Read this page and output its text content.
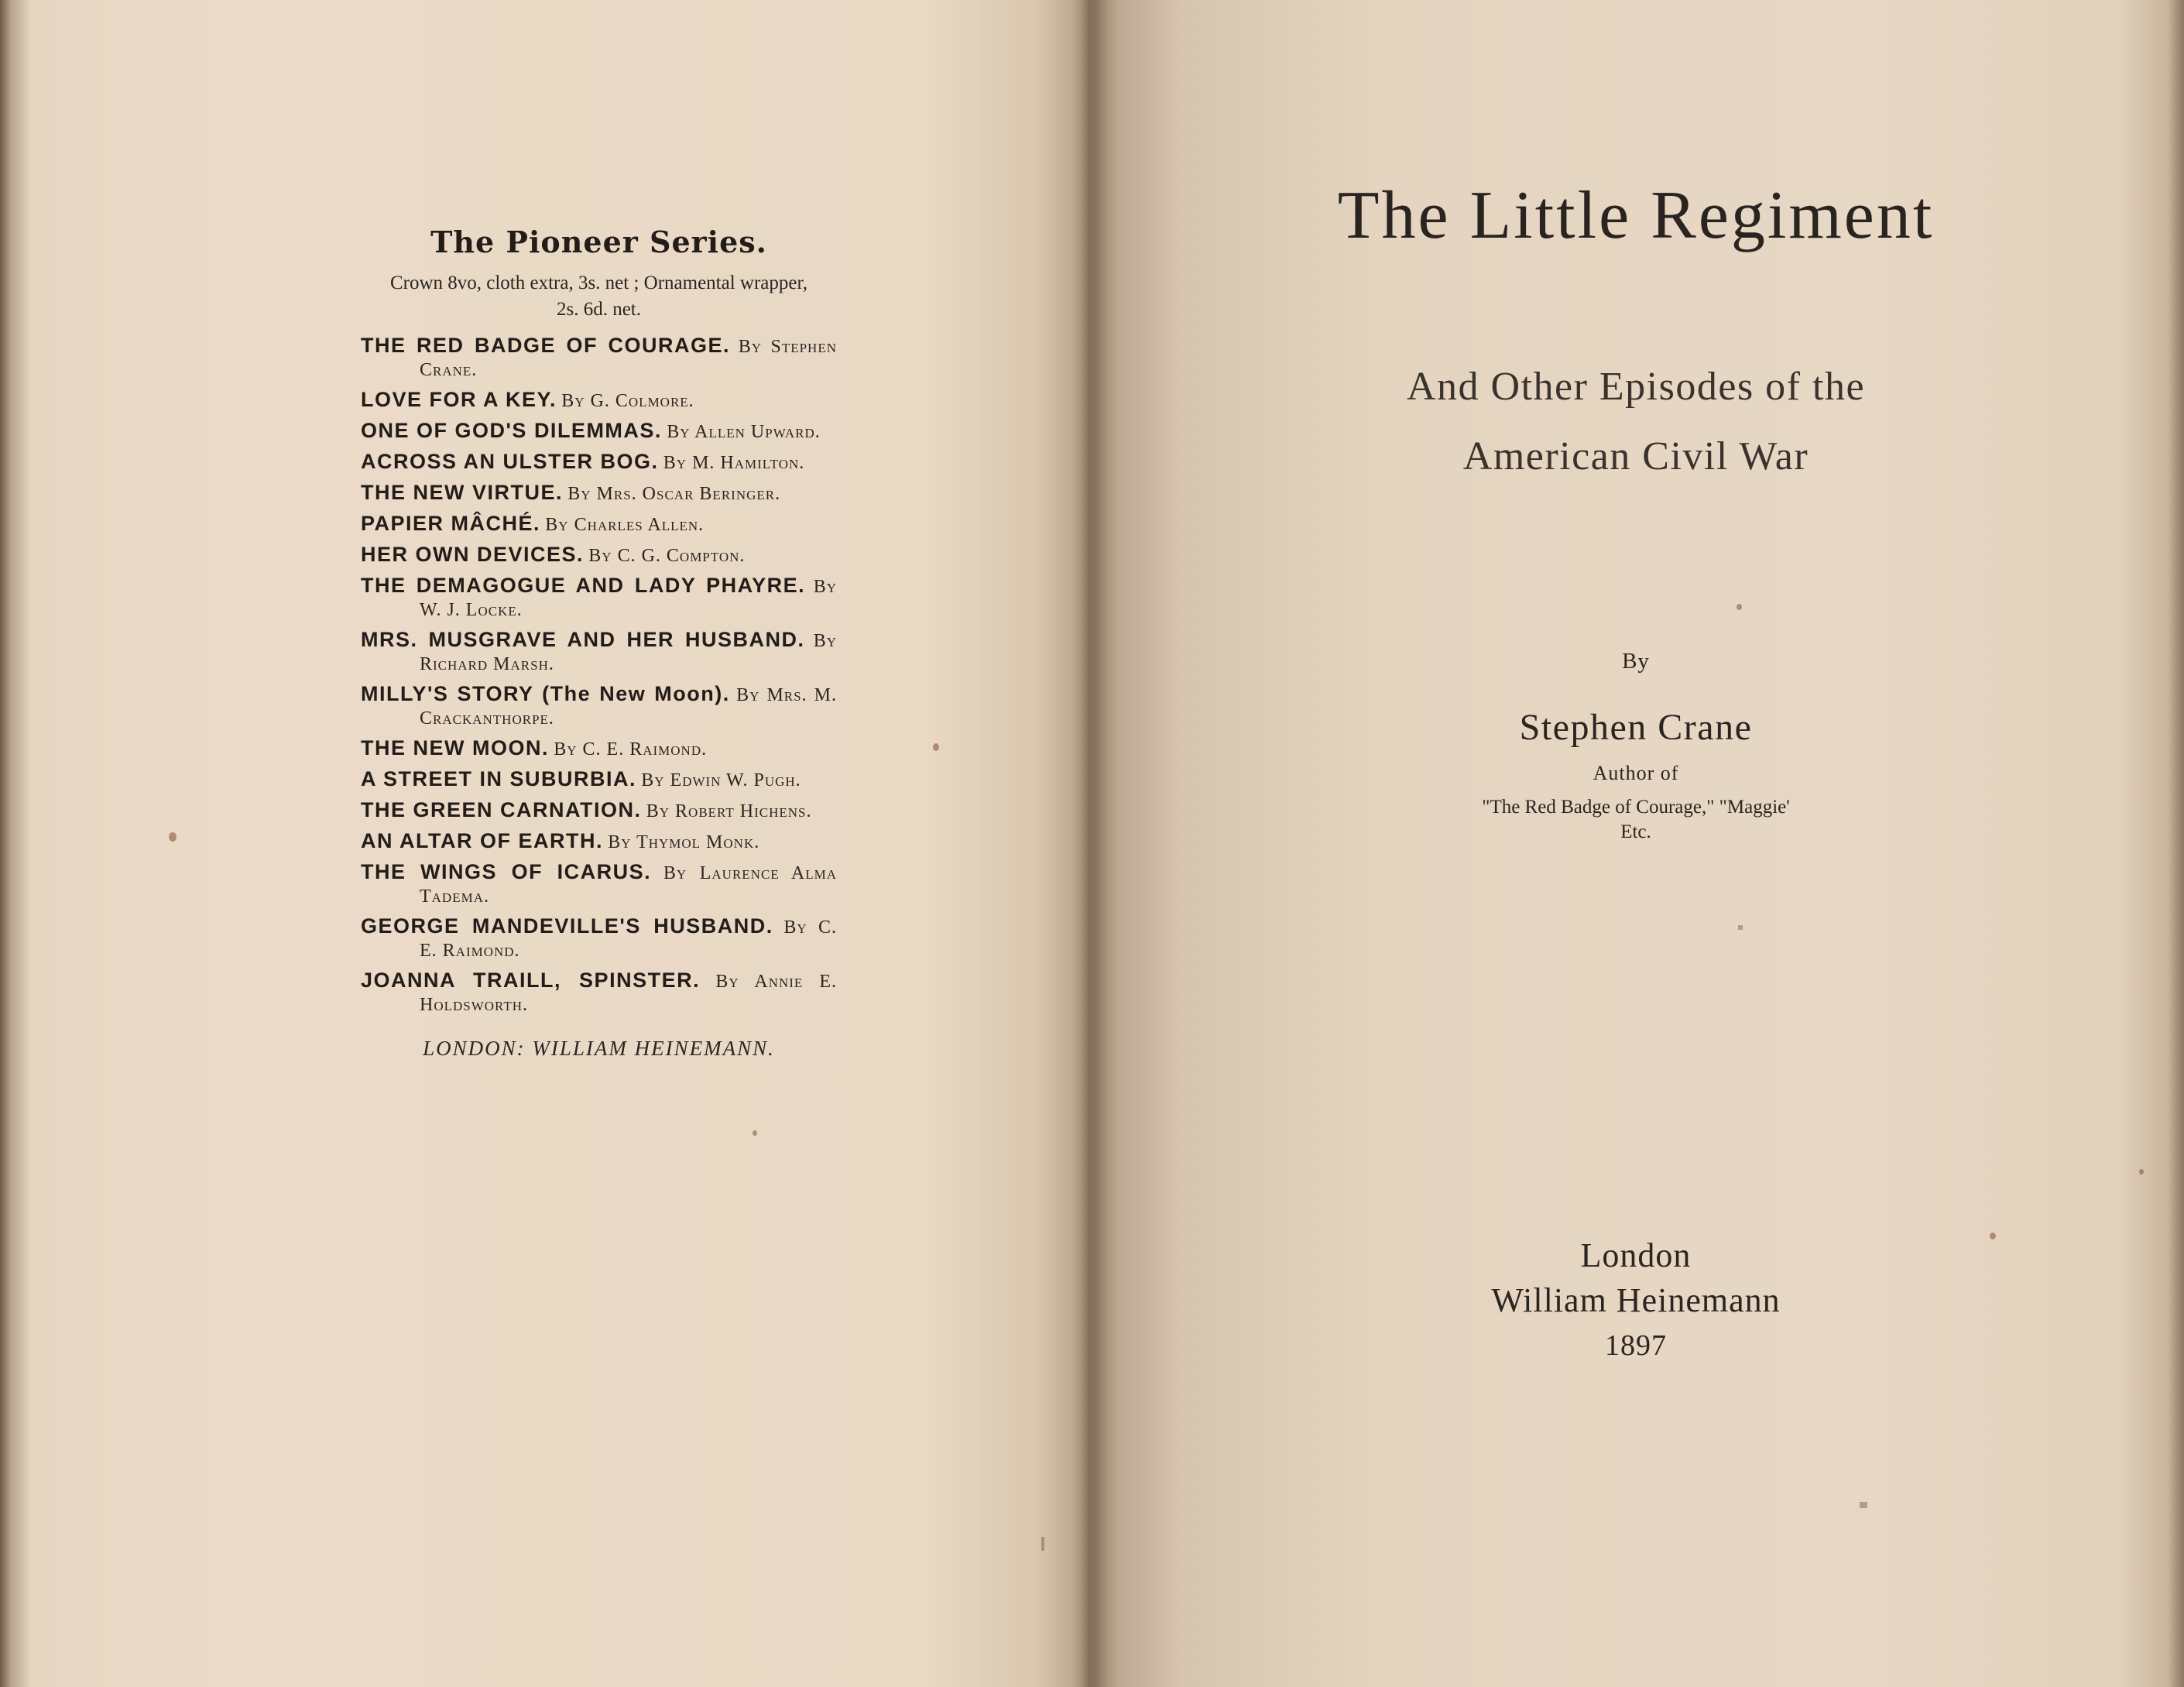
The Pioneer Series.
Crown 8vo, cloth extra, 3s. net ; Ornamental wrapper, 2s. 6d. net.
THE RED BADGE OF COURAGE. By Stephen Crane.
LOVE FOR A KEY. By G. Colmore.
ONE OF GOD'S DILEMMAS. By Allen Upward.
ACROSS AN ULSTER BOG. By M. Hamilton.
THE NEW VIRTUE. By Mrs. Oscar Beringer.
PAPIER MÂCHÉ. By Charles Allen.
HER OWN DEVICES. By C. G. Compton.
THE DEMAGOGUE AND LADY PHAYRE. By W. J. Locke.
MRS. MUSGRAVE AND HER HUSBAND. By Richard Marsh.
MILLY'S STORY (The New Moon). By Mrs. M. Crackanthorpe.
THE NEW MOON. By C. E. Raimond.
A STREET IN SUBURBIA. By Edwin W. Pugh.
THE GREEN CARNATION. By Robert Hichens.
AN ALTAR OF EARTH. By Thymol Monk.
THE WINGS OF ICARUS. By Laurence Alma Tadema.
GEORGE MANDEVILLE'S HUSBAND. By C. E. Raimond.
JOANNA TRAILL, SPINSTER. By Annie E. Holdsworth.
LONDON: WILLIAM HEINEMANN.
The Little Regiment
And Other Episodes of the
American Civil War
By
Stephen Crane
Author of
"The Red Badge of Courage," "Maggie'
Etc.
London
William Heinemann
1897
